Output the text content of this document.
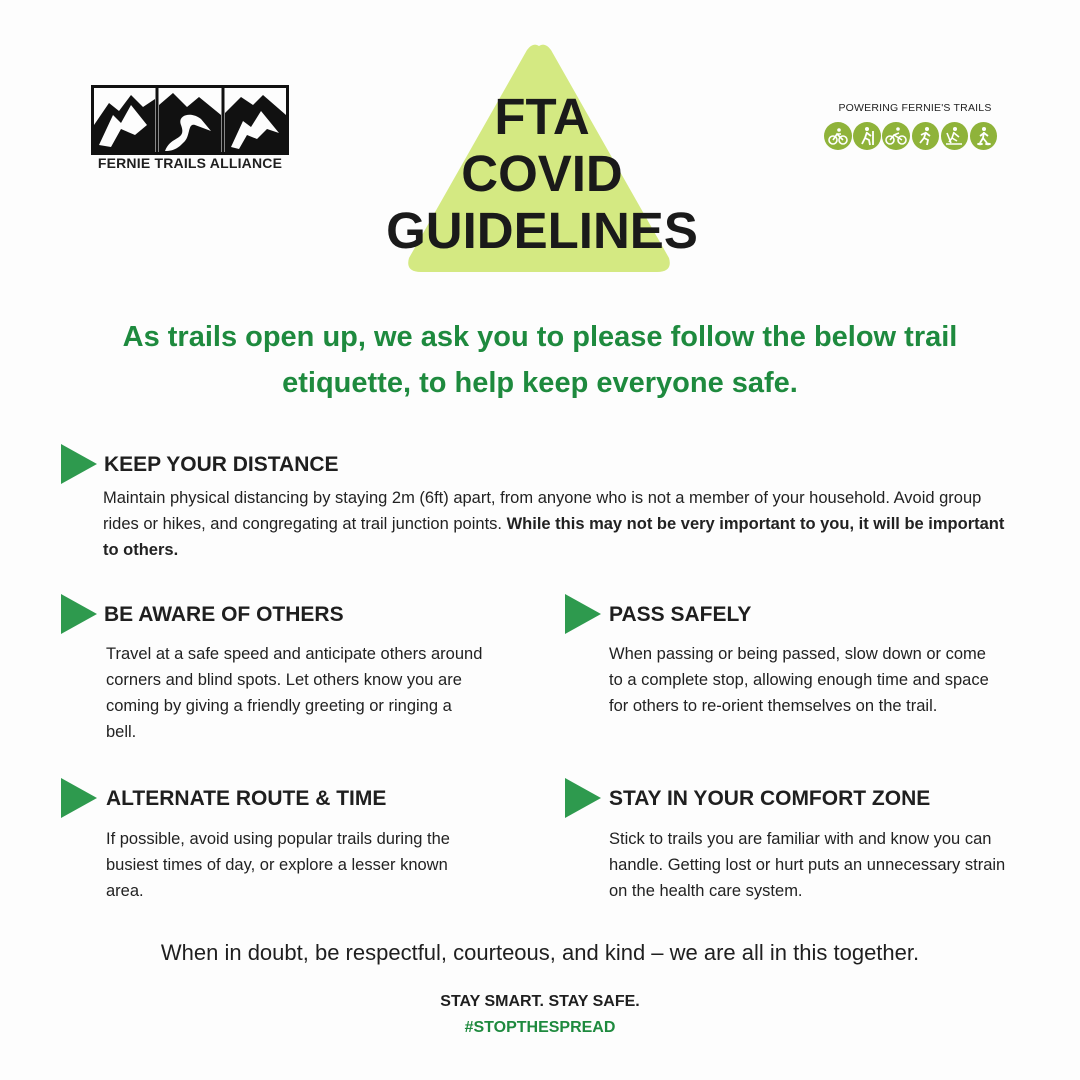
FERNIE TRAILS ALLIANCE
FTA
COVID
GUIDELINES
POWERING FERNIE'S TRAILS
As trails open up, we ask you to please follow the below trail
etiquette, to help keep everyone safe.
KEEP YOUR DISTANCE
Maintain physical distancing by staying 2m (6ft) apart, from anyone who is not a member of your household. Avoid group rides or hikes, and congregating at trail junction points. While this may not be very important to you, it will be important to others.
BE AWARE OF OTHERS
Travel at a safe speed and anticipate others around corners and blind spots. Let others know you are coming by giving a friendly greeting or ringing a bell.
PASS SAFELY
When passing or being passed, slow down or come to a complete stop, allowing enough time and space for others to re-orient themselves on the trail.
ALTERNATE ROUTE & TIME
If possible, avoid using popular trails during the busiest times of day, or explore a lesser known area.
STAY IN YOUR COMFORT ZONE
Stick to trails you are familiar with and know you can handle. Getting lost or hurt puts an unnecessary strain on the health care system.
When in doubt, be respectful, courteous, and kind – we are all in this together.
STAY SMART. STAY SAFE.
#STOPTHESPREAD
